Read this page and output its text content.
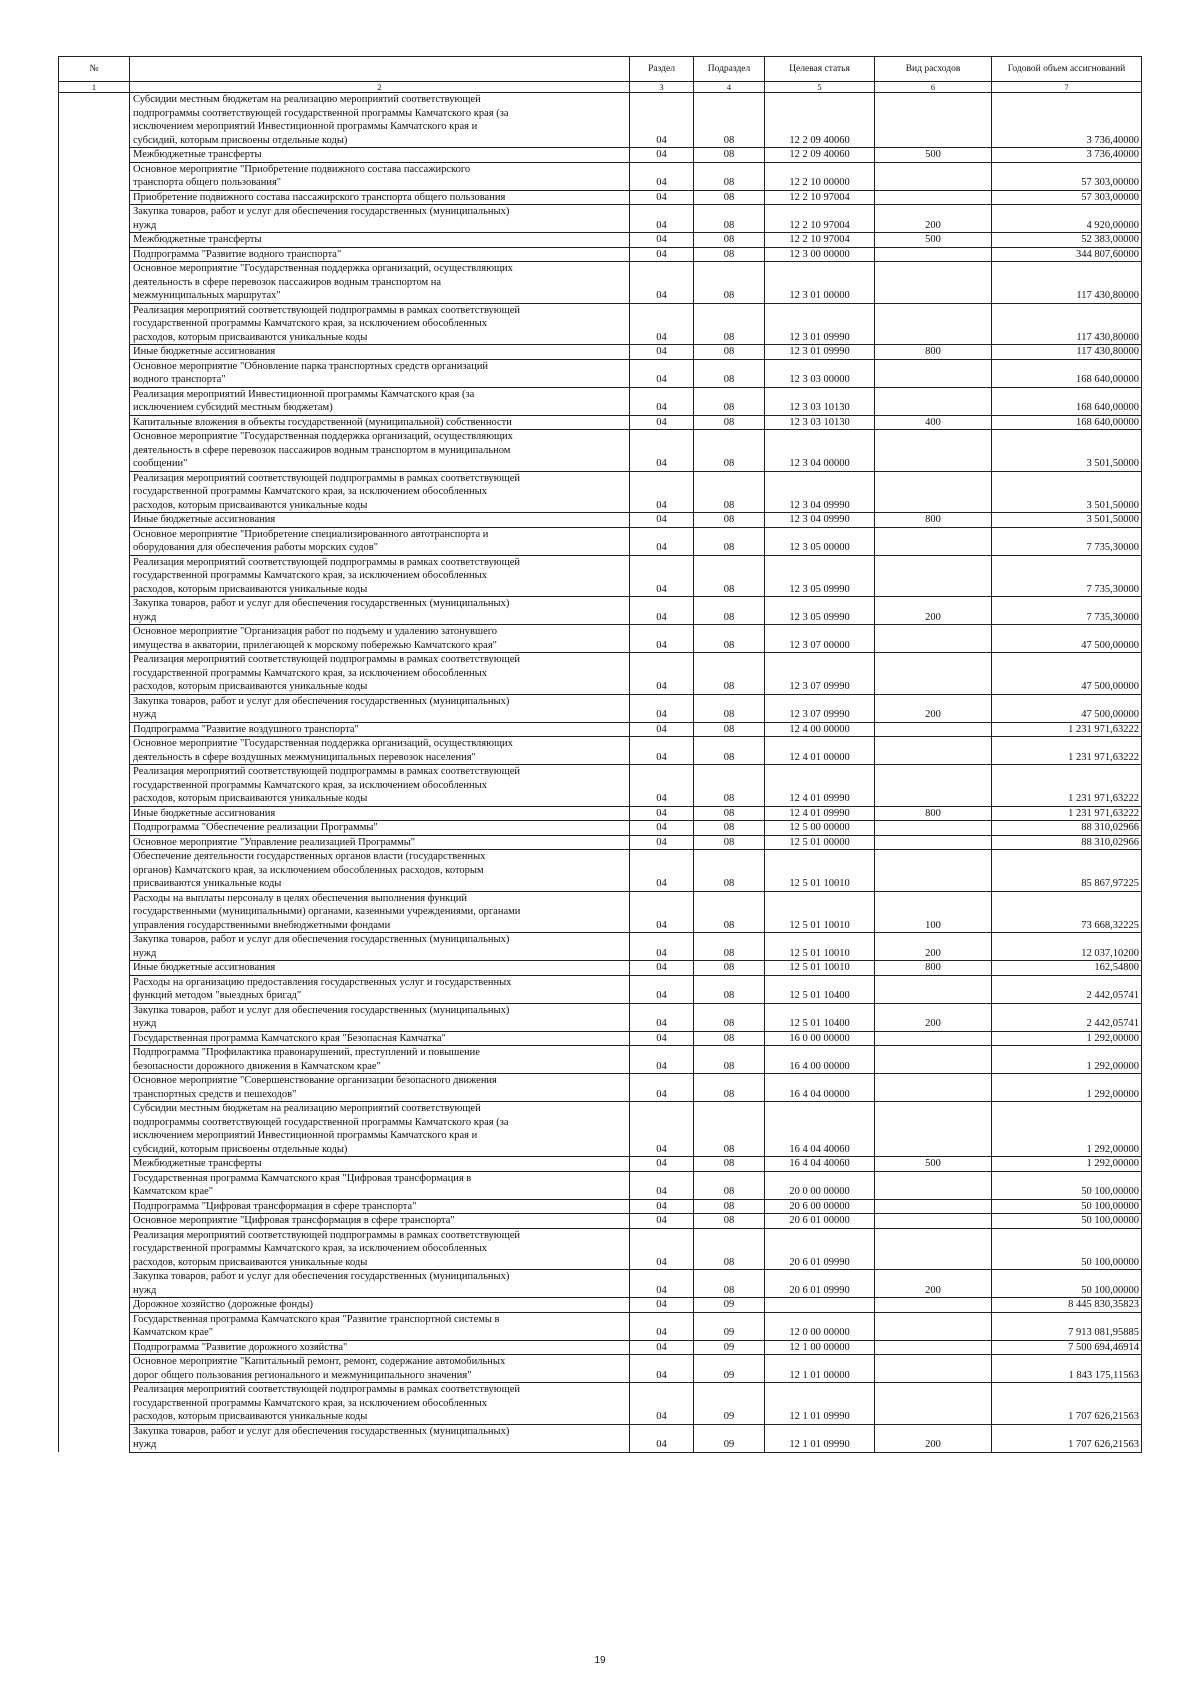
№		Раздел	Подраздел	Целевая статья	Вид расходов	Годовой объем ассигнований
1	2	3	4	5	6	7
	Субсидии местным бюджетам на реализацию мероприятий соответствующей
подпрограммы соответствующей государственной программы Камчатского края (за
исключением мероприятий Инвестиционной программы Камчатского края и
субсидий, которым присвоены отдельные коды)	04	08	12 2 09 40060		3 736,40000
	Межбюджетные трансферты	04	08	12 2 09 40060	500	3 736,40000
	Основное мероприятие "Приобретение подвижного состава пассажирского
транспорта общего пользования"	04	08	12 2 10 00000		57 303,00000
	Приобретение подвижного состава пассажирского транспорта общего пользования	04	08	12 2 10 97004		57 303,00000
	Закупка товаров, работ и услуг для обеспечения государственных (муниципальных)
нужд	04	08	12 2 10 97004	200	4 920,00000
	Межбюджетные трансферты	04	08	12 2 10 97004	500	52 383,00000
	Подпрограмма "Развитие водного транспорта"	04	08	12 3 00 00000		344 807,60000
	Основное мероприятие "Государственная поддержка организаций, осуществляющих
деятельность в сфере перевозок пассажиров водным транспортом на
межмуниципальных маршрутах"	04	08	12 3 01 00000		117 430,80000
	Реализация мероприятий соответствующей подпрограммы в рамках соответствующей
государственной программы Камчатского края, за исключением обособленных
расходов, которым присваиваются уникальные коды	04	08	12 3 01 09990		117 430,80000
	Иные бюджетные ассигнования	04	08	12 3 01 09990	800	117 430,80000
	Основное мероприятие "Обновление парка транспортных средств организаций
водного транспорта"	04	08	12 3 03 00000		168 640,00000
	Реализация мероприятий Инвестиционной программы Камчатского края (за
исключением субсидий местным бюджетам)	04	08	12 3 03 10130		168 640,00000
	Капитальные вложения в объекты государственной (муниципальной) собственности	04	08	12 3 03 10130	400	168 640,00000
	Основное мероприятие "Государственная поддержка организаций, осуществляющих
деятельность в сфере перевозок пассажиров водным транспортом в муниципальном
сообщении"	04	08	12 3 04 00000		3 501,50000
	Реализация мероприятий соответствующей подпрограммы в рамках соответствующей
государственной программы Камчатского края, за исключением обособленных
расходов, которым присваиваются уникальные коды	04	08	12 3 04 09990		3 501,50000
	Иные бюджетные ассигнования	04	08	12 3 04 09990	800	3 501,50000
	Основное мероприятие "Приобретение специализированного автотранспорта и
оборудования для обеспечения работы морских судов"	04	08	12 3 05 00000		7 735,30000
	Реализация мероприятий соответствующей подпрограммы в рамках соответствующей
государственной программы Камчатского края, за исключением обособленных
расходов, которым присваиваются уникальные коды	04	08	12 3 05 09990		7 735,30000
	Закупка товаров, работ и услуг для обеспечения государственных (муниципальных)
нужд	04	08	12 3 05 09990	200	7 735,30000
	Основное мероприятие "Организация работ по подъему и удалению затонувшего
имущества в акватории, прилегающей к морскому побережью Камчатского края"	04	08	12 3 07 00000		47 500,00000
	Реализация мероприятий соответствующей подпрограммы в рамках соответствующей
государственной программы Камчатского края, за исключением обособленных
расходов, которым присваиваются уникальные коды	04	08	12 3 07 09990		47 500,00000
	Закупка товаров, работ и услуг для обеспечения государственных (муниципальных)
нужд	04	08	12 3 07 09990	200	47 500,00000
	Подпрограмма "Развитие воздушного транспорта"	04	08	12 4 00 00000		1 231 971,63222
	Основное мероприятие "Государственная поддержка организаций, осуществляющих
деятельность в сфере воздушных межмуниципальных перевозок населения"	04	08	12 4 01 00000		1 231 971,63222
	Реализация мероприятий соответствующей подпрограммы в рамках соответствующей
государственной программы Камчатского края, за исключением обособленных
расходов, которым присваиваются уникальные коды	04	08	12 4 01 09990		1 231 971,63222
	Иные бюджетные ассигнования	04	08	12 4 01 09990	800	1 231 971,63222
	Подпрограмма "Обеспечение реализации Программы"	04	08	12 5 00 00000		88 310,02966
	Основное мероприятие "Управление реализацией Программы"	04	08	12 5 01 00000		88 310,02966
	Обеспечение деятельности государственных органов власти (государственных
органов) Камчатского края, за исключением обособленных расходов, которым
присваиваются уникальные коды	04	08	12 5 01 10010		85 867,97225
	Расходы на выплаты персоналу в целях обеспечения выполнения функций
государственными (муниципальными) органами, казенными учреждениями, органами
управления государственными внебюджетными фондами	04	08	12 5 01 10010	100	73 668,32225
	Закупка товаров, работ и услуг для обеспечения государственных (муниципальных)
нужд	04	08	12 5 01 10010	200	12 037,10200
	Иные бюджетные ассигнования	04	08	12 5 01 10010	800	162,54800
	Расходы на организацию предоставления государственных услуг и государственных
функций методом "выездных бригад"	04	08	12 5 01 10400		2 442,05741
	Закупка товаров, работ и услуг для обеспечения государственных (муниципальных)
нужд	04	08	12 5 01 10400	200	2 442,05741
	Государственная программа Камчатского края "Безопасная Камчатка"	04	08	16 0 00 00000		1 292,00000
	Подпрограмма "Профилактика правонарушений, преступлений и повышение
безопасности дорожного движения в Камчатском крае"	04	08	16 4 00 00000		1 292,00000
	Основное мероприятие "Совершенствование организации безопасного движения
транспортных средств и пешеходов"	04	08	16 4 04 00000		1 292,00000
	Субсидии местным бюджетам на реализацию мероприятий соответствующей
подпрограммы соответствующей государственной программы Камчатского края (за
исключением мероприятий Инвестиционной программы Камчатского края и
субсидий, которым присвоены отдельные коды)	04	08	16 4 04 40060		1 292,00000
	Межбюджетные трансферты	04	08	16 4 04 40060	500	1 292,00000
	Государственная программа Камчатского края "Цифровая трансформация в
Камчатском крае"	04	08	20 0 00 00000		50 100,00000
	Подпрограмма "Цифровая трансформация в сфере транспорта"	04	08	20 6 00 00000		50 100,00000
	Основное мероприятие "Цифровая трансформация в сфере транспорта"	04	08	20 6 01 00000		50 100,00000
	Реализация мероприятий соответствующей подпрограммы в рамках соответствующей
государственной программы Камчатского края, за исключением обособленных
расходов, которым присваиваются уникальные коды	04	08	20 6 01 09990		50 100,00000
	Закупка товаров, работ и услуг для обеспечения государственных (муниципальных)
нужд	04	08	20 6 01 09990	200	50 100,00000
	Дорожное хозяйство (дорожные фонды)	04	09			8 445 830,35823
	Государственная программа Камчатского края "Развитие транспортной системы в
Камчатском крае"	04	09	12 0 00 00000		7 913 081,95885
	Подпрограмма "Развитие дорожного хозяйства"	04	09	12 1 00 00000		7 500 694,46914
	Основное мероприятие "Капитальный ремонт, ремонт, содержание автомобильных
дорог общего пользования регионального и межмуниципального значения"	04	09	12 1 01 00000		1 843 175,11563
	Реализация мероприятий соответствующей подпрограммы в рамках соответствующей
государственной программы Камчатского края, за исключением обособленных
расходов, которым присваиваются уникальные коды	04	09	12 1 01 09990		1 707 626,21563
	Закупка товаров, работ и услуг для обеспечения государственных (муниципальных)
нужд	04	09	12 1 01 09990	200	1 707 626,21563
19
